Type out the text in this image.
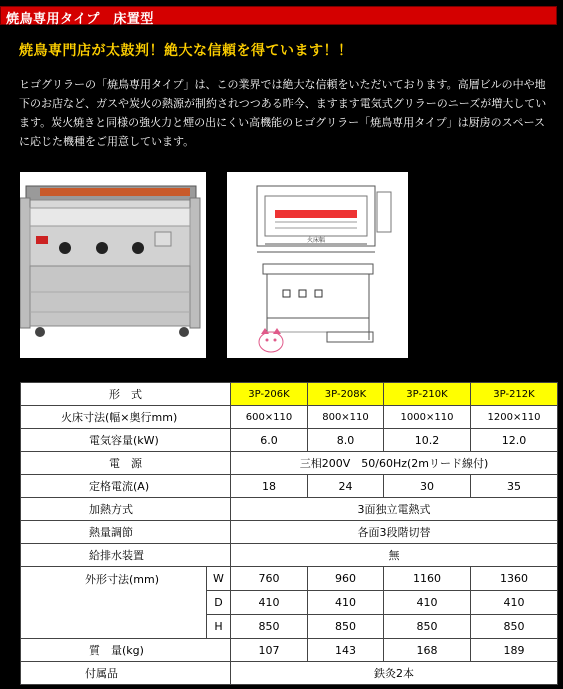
焼鳥専用タイプ　床置型
焼鳥専門店が太鼓判！絶大な信頼を得ています！！
ヒゴグリラーの「焼鳥専用タイプ」は、この業界では絶大な信頼をいただいております。高層ビルの中や地下のお店など、ガスや炭火の熱源が制約されつつある昨今、ますます電気式グリラーのニーズが増大しています。炭火焼きと同様の強火力と煙の出にくい高機能のヒゴグリラー「焼鳥専用タイプ」は厨房のスペースに応じた機種をご用意しています。
火床幅
形　式		3P-206K	3P-208K	3P-210K	3P-212K
火床寸法(幅×奥行mm)		600×110	800×110	1000×110	1200×110
電気容量(kW)		6.0	8.0	10.2	12.0
電　源		三相200V　50/60Hz(2mリード線付)			
定格電流(A)		18	24	30	35
加熱方式		3面独立電熱式			
熱量調節		各面3段階切替			
給排水装置		無			
外形寸法(mm)	W	760	960	1160	1360
	D	410	410	410	410
	H	850	850	850	850
質　量(kg)		107	143	168	189
付属品		鉄灸2本			
